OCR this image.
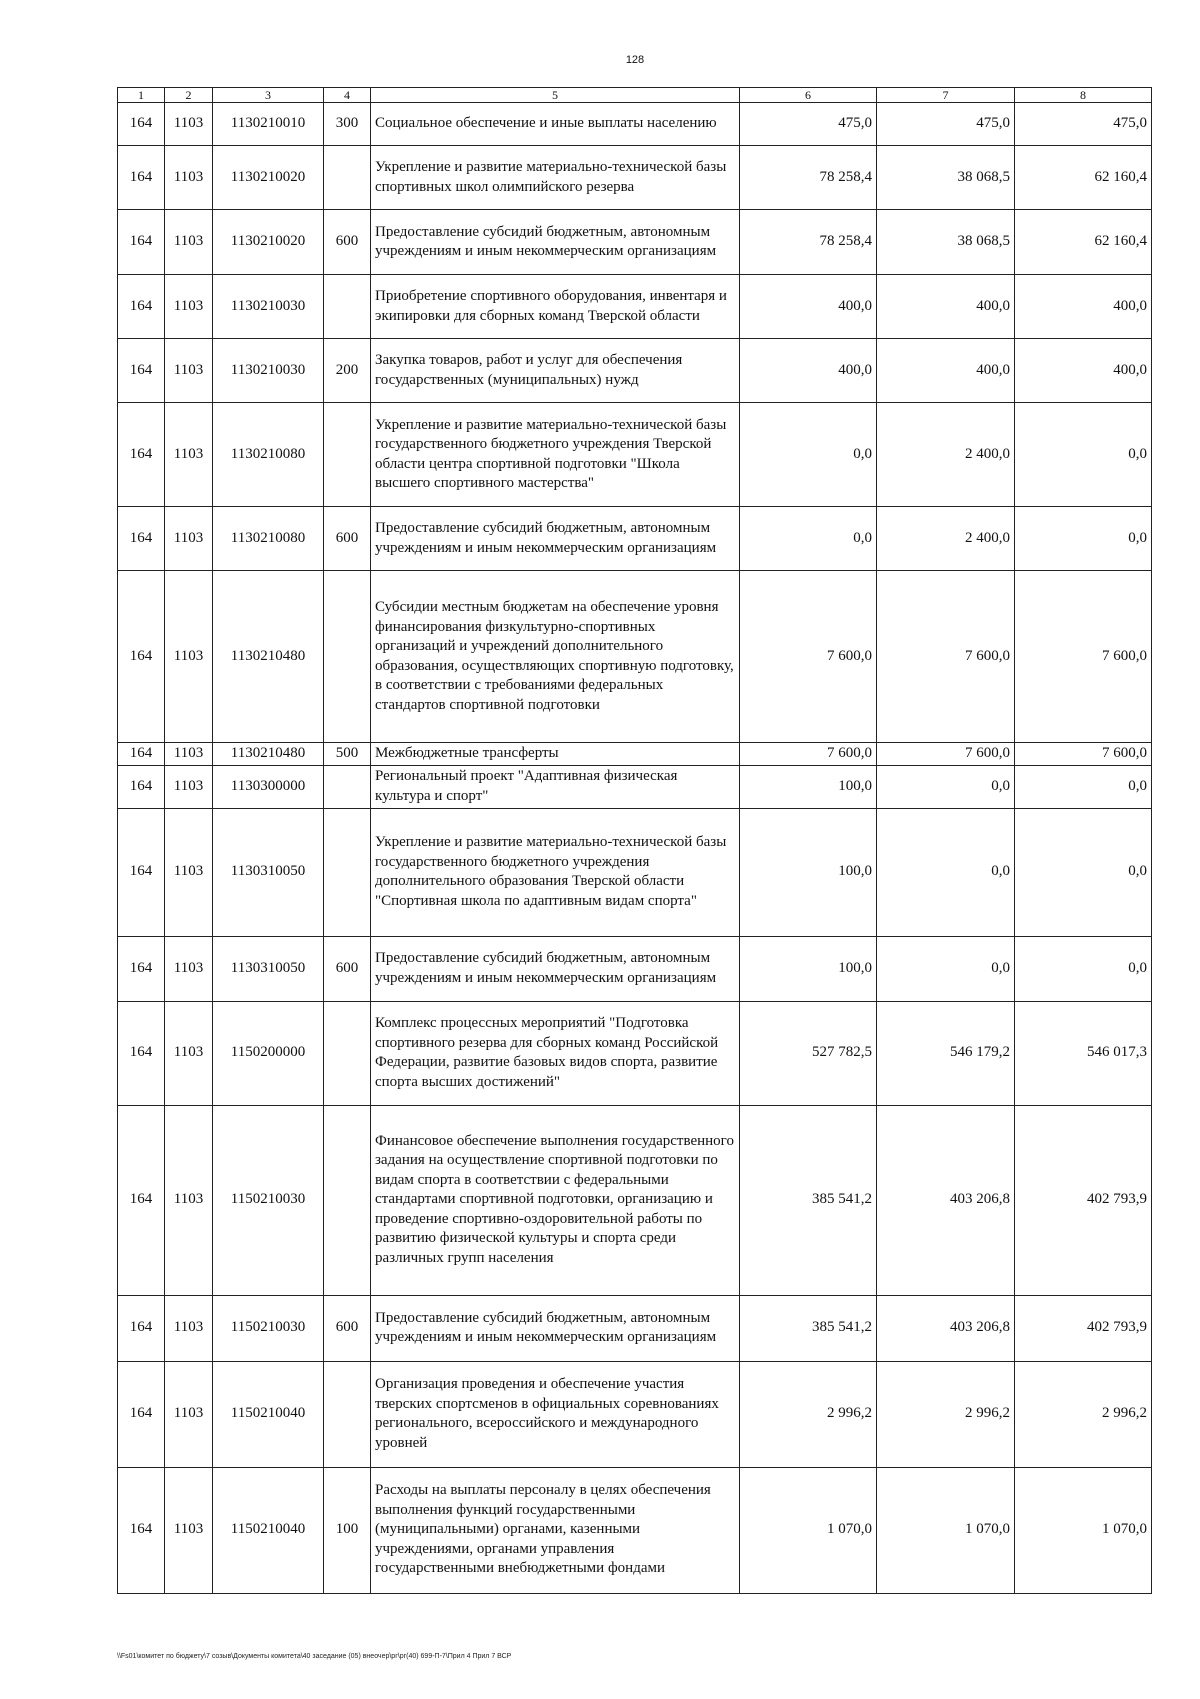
128
1	2	3	4	5	6	7	8
164	1103	1130210010	300	Социальное обеспечение и иные выплаты населению	475,0	475,0	475,0
164	1103	1130210020		Укрепление и развитие материально-технической базы спортивных школ олимпийского резерва	78 258,4	38 068,5	62 160,4
164	1103	1130210020	600	Предоставление субсидий бюджетным, автономным учреждениям и иным некоммерческим организациям	78 258,4	38 068,5	62 160,4
164	1103	1130210030		Приобретение спортивного оборудования, инвентаря и экипировки для сборных команд Тверской области	400,0	400,0	400,0
164	1103	1130210030	200	Закупка товаров, работ и услуг для обеспечения государственных (муниципальных) нужд	400,0	400,0	400,0
164	1103	1130210080		Укрепление и развитие материально-технической базы государственного бюджетного учреждения Тверской области центра спортивной подготовки "Школа высшего спортивного мастерства"	0,0	2 400,0	0,0
164	1103	1130210080	600	Предоставление субсидий бюджетным, автономным учреждениям и иным некоммерческим организациям	0,0	2 400,0	0,0
164	1103	1130210480		Субсидии местным бюджетам на обеспечение уровня финансирования физкультурно-спортивных организаций и учреждений дополнительного образования, осуществляющих спортивную подготовку, в соответствии с требованиями федеральных стандартов спортивной подготовки	7 600,0	7 600,0	7 600,0
164	1103	1130210480	500	Межбюджетные трансферты	7 600,0	7 600,0	7 600,0
164	1103	1130300000		Региональный проект "Адаптивная физическая культура и спорт"	100,0	0,0	0,0
164	1103	1130310050		Укрепление и развитие материально-технической базы государственного бюджетного учреждения дополнительного образования Тверской области "Спортивная школа по адаптивным видам спорта"	100,0	0,0	0,0
164	1103	1130310050	600	Предоставление субсидий бюджетным, автономным учреждениям и иным некоммерческим организациям	100,0	0,0	0,0
164	1103	1150200000		Комплекс процессных мероприятий "Подготовка спортивного резерва для сборных команд Российской Федерации, развитие базовых видов спорта, развитие спорта высших достижений"	527 782,5	546 179,2	546 017,3
164	1103	1150210030		Финансовое обеспечение выполнения государственного задания на осуществление спортивной подготовки по видам спорта в соответствии с федеральными стандартами спортивной подготовки, организацию и проведение спортивно-оздоровительной работы по развитию физической культуры и спорта среди различных групп населения	385 541,2	403 206,8	402 793,9
164	1103	1150210030	600	Предоставление субсидий бюджетным, автономным учреждениям и иным некоммерческим организациям	385 541,2	403 206,8	402 793,9
164	1103	1150210040		Организация проведения и обеспечение участия тверских спортсменов в официальных соревнованиях регионального, всероссийского и международного уровней	2 996,2	2 996,2	2 996,2
164	1103	1150210040	100	Расходы на выплаты персоналу в целях обеспечения выполнения функций государственными (муниципальными) органами, казенными учреждениями, органами управления государственными внебюджетными фондами	1 070,0	1 070,0	1 070,0
\\Fs01\комитет по бюджету\7 созыв\Документы комитета\40 заседание (05) внеочер\рг\рг(40) 699-П-7\Прил 4 Прил 7 ВСР
